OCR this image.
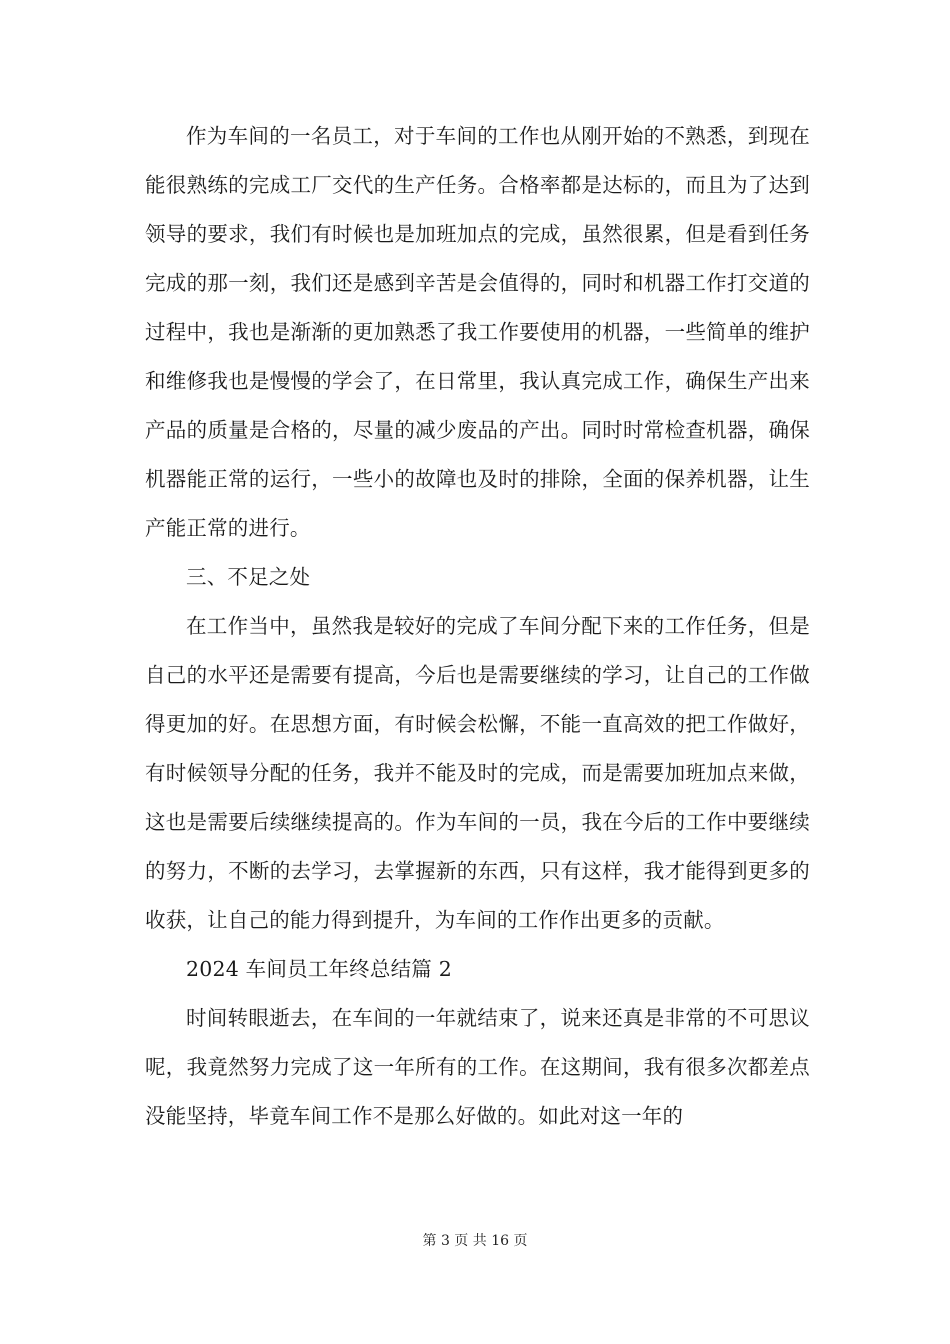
作为车间的一名员工，对于车间的工作也从刚开始的不熟悉，到现在能很熟练的完成工厂交代的生产任务。合格率都是达标的，而且为了达到领导的要求，我们有时候也是加班加点的完成，虽然很累，但是看到任务完成的那一刻，我们还是感到辛苦是会值得的，同时和机器工作打交道的过程中，我也是渐渐的更加熟悉了我工作要使用的机器，一些简单的维护和维修我也是慢慢的学会了，在日常里，我认真完成工作，确保生产出来产品的质量是合格的，尽量的减少废品的产出。同时时常检查机器，确保机器能正常的运行，一些小的故障也及时的排除，全面的保养机器，让生产能正常的进行。

三、不足之处

在工作当中，虽然我是较好的完成了车间分配下来的工作任务，但是自己的水平还是需要有提高，今后也是需要继续的学习，让自己的工作做得更加的好。在思想方面，有时候会松懈，不能一直高效的把工作做好，有时候领导分配的任务，我并不能及时的完成，而是需要加班加点来做，这也是需要后续继续提高的。作为车间的一员，我在今后的工作中要继续的努力，不断的去学习，去掌握新的东西，只有这样，我才能得到更多的收获，让自己的能力得到提升，为车间的工作作出更多的贡献。

2024 车间员工年终总结篇 2

时间转眼逝去，在车间的一年就结束了，说来还真是非常的不可思议呢，我竟然努力完成了这一年所有的工作。在这期间，我有很多次都差点没能坚持，毕竟车间工作不是那么好做的。如此对这一年的

第 3 页 共 16 页
